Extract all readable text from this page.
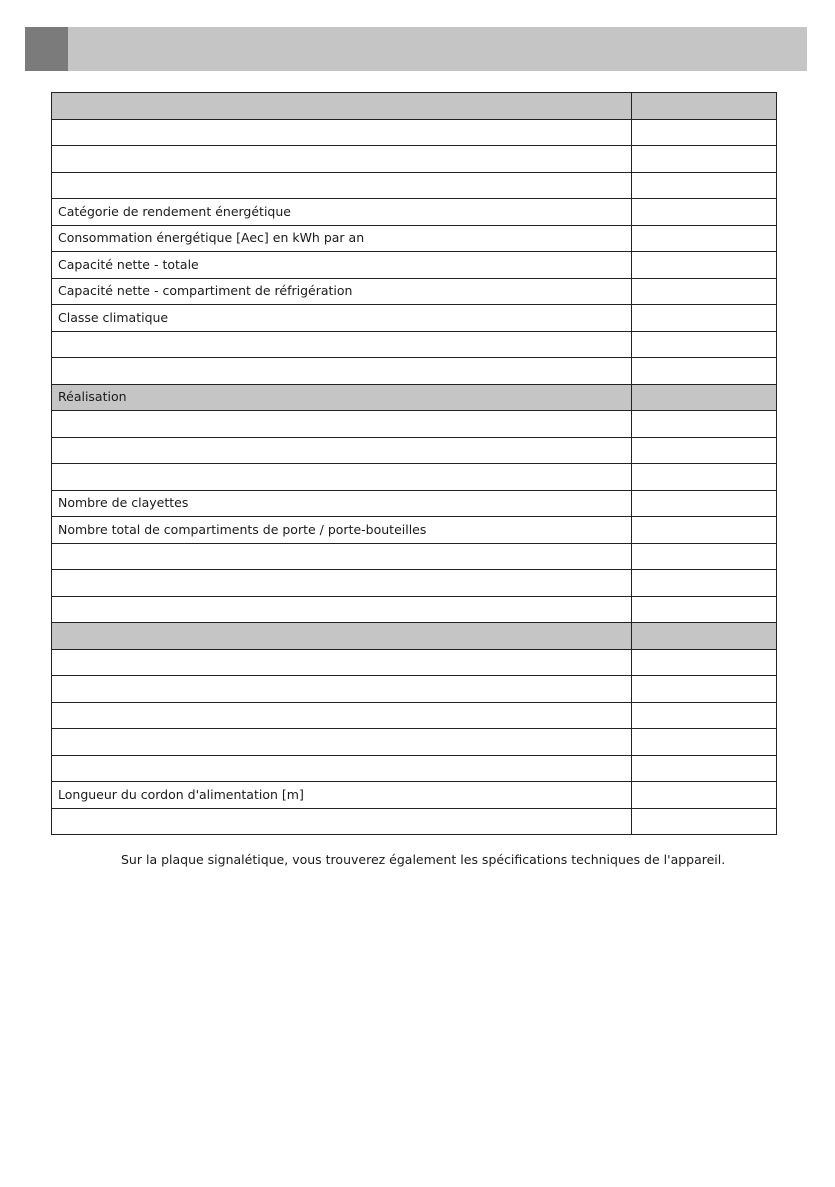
Catégorie de rendement énergétique	
Consommation énergétique [Aec] en kWh par an	
Capacité nette - totale	
Capacité nette - compartiment de réfrigération	
Classe climatique	

Réalisation	

Nombre de clayettes	
Nombre total de compartiments de porte / porte-bouteilles	

Longueur du cordon d'alimentation [m]	

Sur la plaque signalétique, vous trouverez également les spécifications techniques de l'appareil.
